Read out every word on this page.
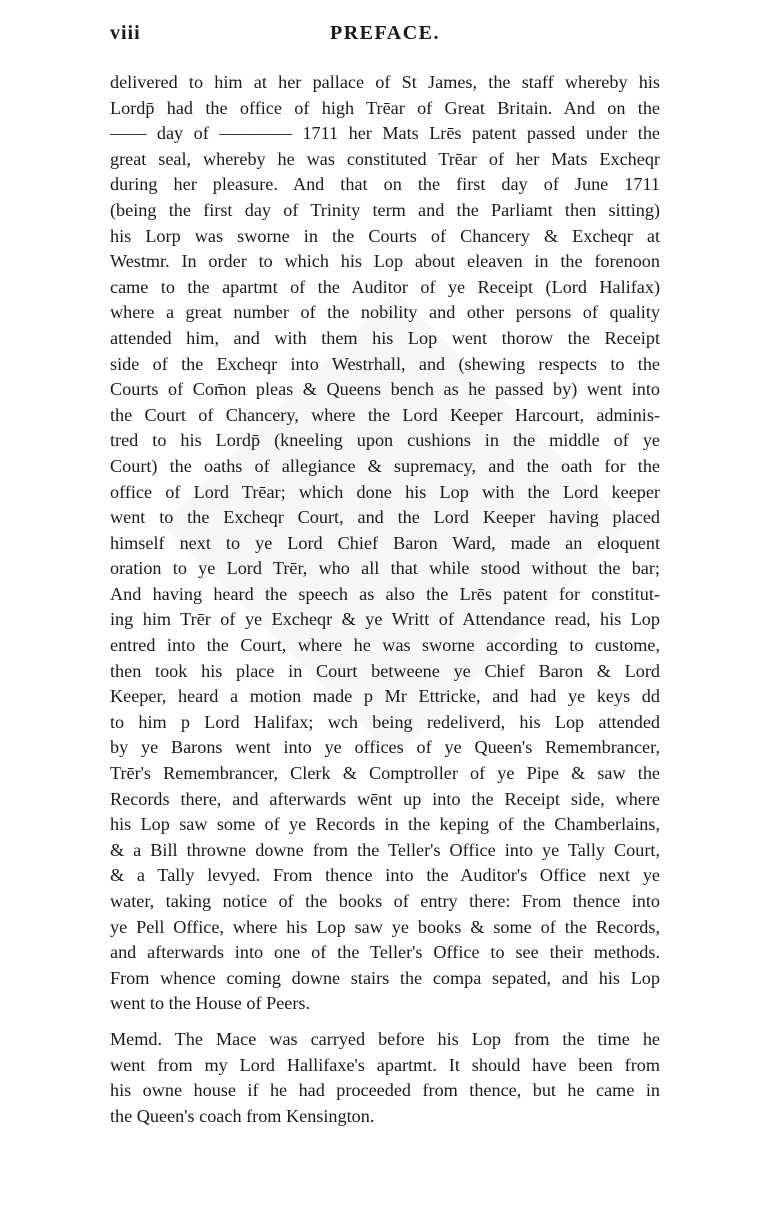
viii	PREFACE.
delivered to him at her pallace of St James, the staff whereby his
Lordp̄ had the office of high Trēar of Great Britain. And on the
—— day of ———— 1711 her Mats Lrēs patent passed under the
great seal, whereby he was constituted Trēar of her Mats Excheqr
during her pleasure. And that on the first day of June 1711
(being the first day of Trinity term and the Parliamt then sitting)
his Lorp was sworne in the Courts of Chancery & Excheqr at
Westmr. In order to which his Lop about eleaven in the forenoon
came to the apartmt of the Auditor of ye Receipt (Lord Halifax)
where a great number of the nobility and other persons of quality
attended him, and with them his Lop went thorow the Receipt
side of the Excheqr into Westrhall, and (shewing respects to the
Courts of Com̄on pleas & Queens bench as he passed by) went into
the Court of Chancery, where the Lord Keeper Harcourt, adminis-
tred to his Lordp̄ (kneeling upon cushions in the middle of ye
Court) the oaths of allegiance & supremacy, and the oath for the
office of Lord Trēar; which done his Lop with the Lord keeper
went to the Excheqr Court, and the Lord Keeper having placed
himself next to ye Lord Chief Baron Ward, made an eloquent
oration to ye Lord Trēr, who all that while stood without the bar;
And having heard the speech as also the Lrēs patent for constitut-
ing him Trēr of ye Excheqr & ye Writt of Attendance read, his Lop
entred into the Court, where he was sworne according to custome,
then took his place in Court betweene ye Chief Baron & Lord
Keeper, heard a motion made p Mr Ettricke, and had ye keys dd
to him p Lord Halifax; wch being redeliverd, his Lop attended
by ye Barons went into ye offices of ye Queen's Remembrancer,
Trēr's Remembrancer, Clerk & Comptroller of ye Pipe & saw the
Records there, and afterwards wēnt up into the Receipt side, where
his Lop saw some of ye Records in the keping of the Chamberlains,
& a Bill throwne downe from the Teller's Office into ye Tally Court,
& a Tally levyed. From thence into the Auditor's Office next ye
water, taking notice of the books of entry there: From thence into
ye Pell Office, where his Lop saw ye books & some of the Records,
and afterwards into one of the Teller's Office to see their methods.
From whence coming downe stairs the compa sepated, and his Lop
went to the House of Peers.
Memd. The Mace was carryed before his Lop from the time he
went from my Lord Hallifaxe's apartmt. It should have been from
his owne house if he had proceeded from thence, but he came in
the Queen's coach from Kensington.
